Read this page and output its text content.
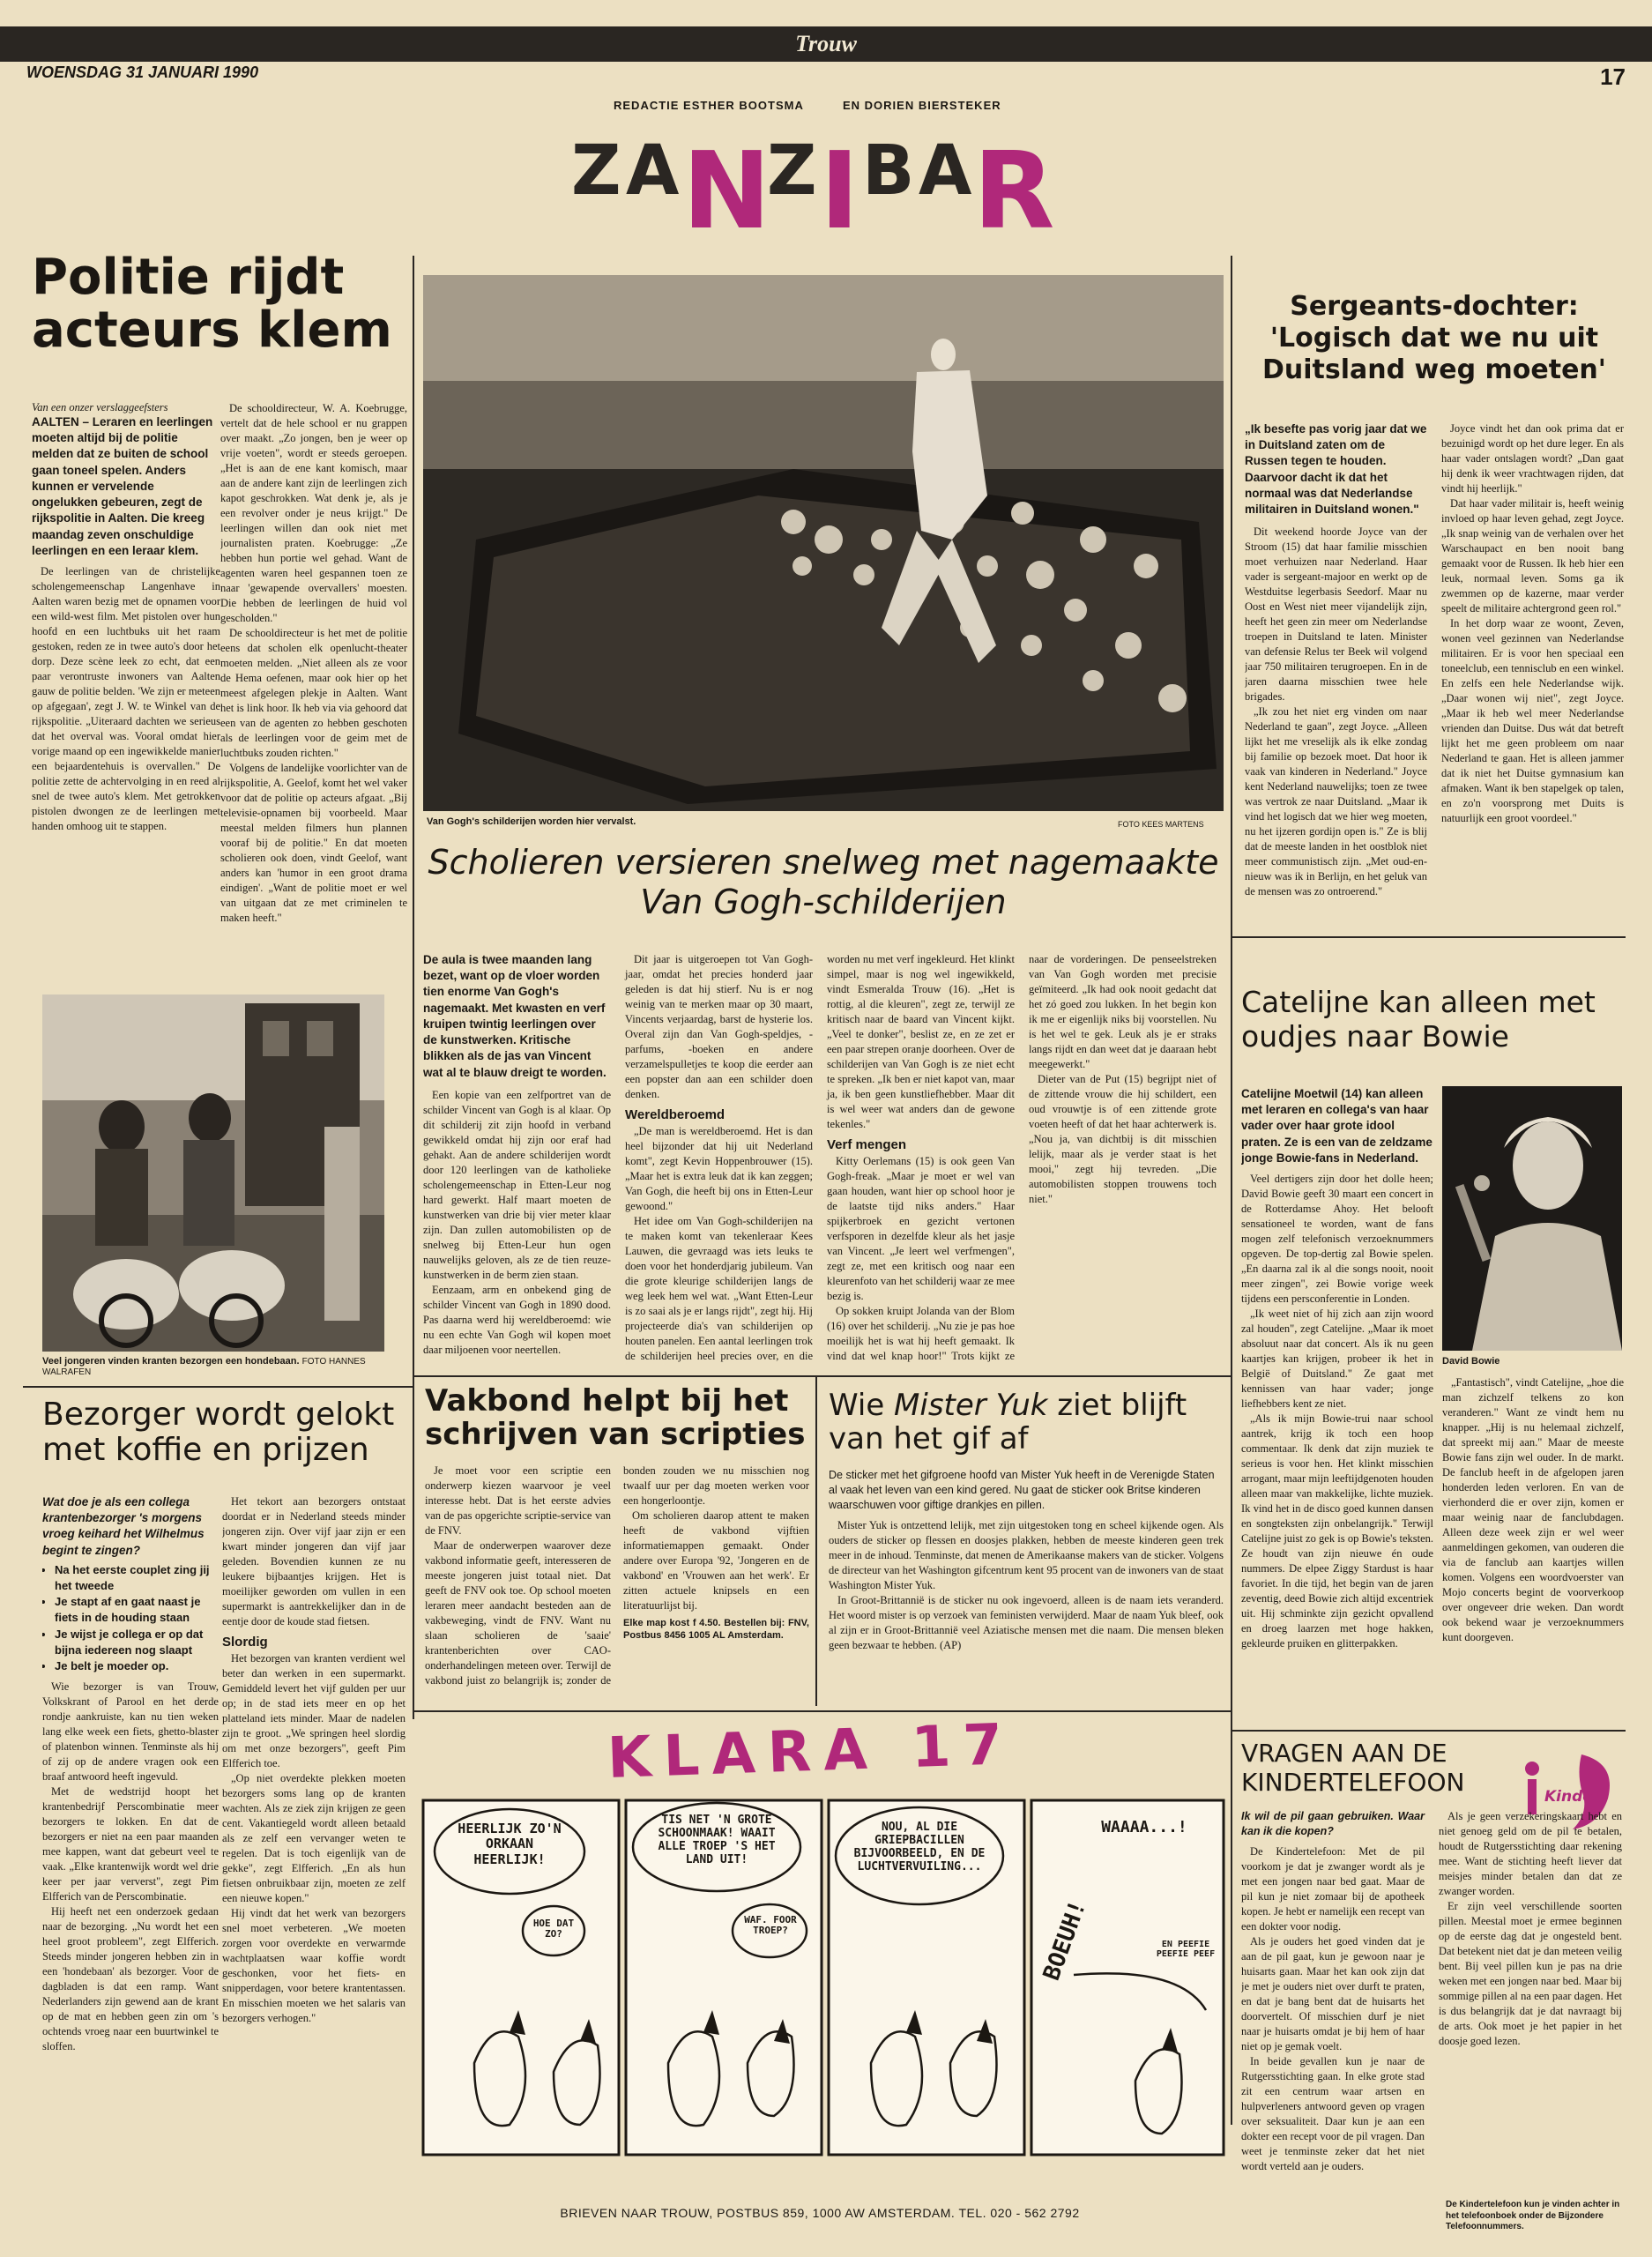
Trouw
WOENSDAG 31 JANUARI 1990	17
REDACTIE ESTHER BOOTSMA	EN DORIEN BIERSTEKER
Z A N
Z I B A R
Politie rijdt acteurs klem
Van een onzer verslaggeefsters
AALTEN – Leraren en leerlingen moeten altijd bij de politie melden dat ze buiten de school gaan toneel spelen. Anders kunnen er vervelende ongelukken gebeuren, zegt de rijkspolitie in Aalten. Die kreeg maandag zeven onschuldige leerlingen en een leraar klem.

De leerlingen van de christelijke scholengemeenschap Langenhave in Aalten waren bezig met de opnamen voor een wild-west film. Met pistolen over hun hoofd en een luchtbuks uit het raam gestoken, reden ze in twee auto's door het dorp. Deze scène leek zo echt, dat een paar verontruste inwoners van Aalten gauw de politie belden. 'We zijn er meteen op afgegaan', zegt J. W. te Winkel van de rijkspolitie. „Uiteraard dachten we serieus dat het overval was. Vooral omdat hier vorige maand op een ingewikkelde manier een bejaardentehuis is overvallen." De politie zette de achtervolging in en reed al snel de twee auto's klem. Met getrokken pistolen dwongen ze de leerlingen met handen omhoog uit te stappen.

De schooldirecteur, W. A. Koebrugge, vertelt dat de hele school er nu grappen over maakt. „Zo jongen, ben je weer op vrije voeten", wordt er steeds geroepen. „Het is aan de ene kant komisch, maar aan de andere kant zijn de leerlingen zich kapot geschrokken. Wat denk je, als je een revolver onder je neus krijgt." De leerlingen willen dan ook niet met journalisten praten. Koebrugge: „Ze hebben hun portie wel gehad. Want de agenten waren heel gespannen toen ze naar 'gewapende overvallers' moesten. Die hebben de leerlingen de huid vol gescholden."

De schooldirecteur is het met de politie eens dat scholen elk openlucht-theater moeten melden. „Niet alleen als ze voor de Hema oefenen, maar ook hier op het meest afgelegen plekje in Aalten. Want het is link hoor. Ik heb via via gehoord dat een van de agenten zo hebben geschoten als de leerlingen voor de geim met de luchtbuks zouden richten."

Volgens de landelijke voorlichter van de rijkspolitie, A. Geelof, komt het wel vaker voor dat de politie op acteurs afgaat. „Bij televisie-opnamen bij voorbeeld. Maar meestal melden filmers hun plannen vooraf bij de politie." En dat moeten scholieren ook doen, vindt Geelof, want anders kan 'humor in een groot drama eindigen'. „Want de politie moet er wel van uitgaan dat ze met criminelen te maken heeft."

Veel jongeren vinden kranten bezorgen een hondebaan. FOTO HANNES WALRAFEN
Bezorger wordt gelokt met koffie en prijzen
Wat doe je als een collega krantenbezorger 's morgens vroeg keihard het Wilhelmus begint te zingen?
• Na het eerste couplet zing jij het tweede
• Je stapt af en gaat naast je fiets in de houding staan
• Je wijst je collega er op dat bijna iedereen nog slaapt
• Je belt je moeder op.

Wie bezorger is van Trouw, Volkskrant of Parool en het derde rondje aankruiste, kan nu tien weken lang elke week een fiets, ghetto-blaster of platenbon winnen. Tenminste als hij of zij op de andere vragen ook een braaf antwoord heeft ingevuld.

Met de wedstrijd hoopt het krantenbedrijf Perscombinatie meer bezorgers te lokken. En dat de bezorgers er niet na een paar maanden mee kappen, want dat gebeurt veel te vaak. „Elke krantenwijk wordt wel drie keer per jaar ververst", zegt Pim Elfferich van de Perscombinatie.

Hij heeft net een onderzoek gedaan naar de bezorging. „Nu wordt het een heel groot probleem", zegt Elfferich. Steeds minder jongeren hebben zin in een 'hondebaan' als bezorger. Voor de dagbladen is dat een ramp. Want Nederlanders zijn gewend aan de krant op de mat en hebben geen zin om 's ochtends vroeg naar een buurtwinkel te sloffen.

Het tekort aan bezorgers ontstaat doordat er in Nederland steeds minder jongeren zijn. Over vijf jaar zijn er een kwart minder jongeren dan vijf jaar geleden. Bovendien kunnen ze nu leukere bijbaantjes krijgen. Het is moeilijker geworden om vullen in een supermarkt is aantrekkelijker dan in de eentje door de koude stad fietsen.

Slordig

Het bezorgen van kranten verdient wel beter dan werken in een supermarkt. Gemiddeld levert het vijf gulden per uur op; in de stad iets meer en op het platteland iets minder. Maar de nadelen zijn te groot. „We springen heel slordig om met onze bezorgers", geeft Pim Elfferich toe.

„Op niet overdekte plekken moeten bezorgers soms lang op de kranten wachten. Als ze ziek zijn krijgen ze geen cent. Vakantiegeld wordt alleen betaald als ze zelf een vervanger weten te regelen. Dat is toch eigenlijk van de gekke", zegt Elfferich. „En als hun fietsen onbruikbaar zijn, moeten ze zelf een nieuwe kopen."

Hij vindt dat het werk van bezorgers snel moet verbeteren. „We moeten zorgen voor overdekte en verwarmde wachtplaatsen waar koffie wordt geschonken, voor het fiets- en snipperdagen, voor betere krantentassen. En misschien moeten we het salaris van bezorgers verhogen."

Van Gogh's schilderijen worden hier vervalst.	FOTO KEES MARTENS
Scholieren versieren snelweg met nagemaakte Van Gogh-schilderijen
De aula is twee maanden lang bezet, want op de vloer worden tien enorme Van Gogh's nagemaakt. Met kwasten en verf kruipen twintig leerlingen over de kunstwerken. Kritische blikken als de jas van Vincent wat al te blauw dreigt te worden.

Een kopie van een zelfportret van de schilder Vincent van Gogh is al klaar. Op dit schilderij zit zijn hoofd in verband gewikkeld omdat hij zijn oor eraf had gehakt. Aan de andere schilderijen wordt door 120 leerlingen van de katholieke scholengemeenschap in Etten-Leur nog hard gewerkt. Half maart moeten de kunstwerken van drie bij vier meter klaar zijn. Dan zullen automobilisten op de snelweg bij Etten-Leur hun ogen nauwelijks geloven, als ze de tien reuze-kunstwerken in de berm zien staan.

Eenzaam, arm en onbekend ging de schilder Vincent van Gogh in 1890 dood. Pas daarna werd hij wereldberoemd: wie nu een echte Van Gogh wil kopen moet daar miljoenen voor neertellen.

Dit jaar is uitgeroepen tot Van Gogh-jaar, omdat het precies honderd jaar geleden is dat hij stierf. Nu is er nog weinig van te merken maar op 30 maart, Vincents verjaardag, barst de hysterie los. Overal zijn dan Van Gogh-speldjes, -parfums, -boeken en andere verzamelspulletjes te koop die eerder aan een popster dan aan een schilder doen denken.

Wereldberoemd

„De man is wereldberoemd. Het is dan heel bijzonder dat hij uit Nederland komt", zegt Kevin Hoppenbrouwer (15). „Maar het is extra leuk dat ik kan zeggen; Van Gogh, die heeft bij ons in Etten-Leur gewoond."

Het idee om Van Gogh-schilderijen na te maken komt van tekenleraar Kees Lauwen, die gevraagd was iets leuks te doen voor het honderdjarig jubileum. Van die grote kleurige schilderijen langs de weg leek hem wel wat. „Want Etten-Leur is zo saai als je er langs rijdt", zegt hij. Hij projecteerde dia's van schilderijen op houten panelen. Een aantal leerlingen trok de schilderijen heel precies over, en die worden nu met verf ingekleurd. Het klinkt simpel, maar is nog wel ingewikkeld, vindt Esmeralda Trouw (16). „Het is rottig, al die kleuren", zegt ze, terwijl ze kritisch naar de baard van Vincent kijkt. „Veel te donker", beslist ze, en ze zet er een paar strepen oranje doorheen. Over de schilderijen van Van Gogh is ze niet echt te spreken. „Ik ben er niet kapot van, maar ja, ik ben geen kunstliefhebber. Maar dit is wel weer wat anders dan de gewone tekenles."

Verf mengen

Kitty Oerlemans (15) is ook geen Van Gogh-freak. „Maar je moet er wel van gaan houden, want hier op school hoor je de laatste tijd niks anders." Haar spijkerbroek en gezicht vertonen verfsporen in dezelfde kleur als het jasje van Vincent. „Je leert wel verfmengen", zegt ze, met een kritisch oog naar een kleurenfoto van het schilderij waar ze mee bezig is.

Op sokken kruipt Jolanda van der Blom (16) over het schilderij. „Nu zie je pas hoe moeilijk het is wat hij heeft gemaakt. Ik vind dat wel knap hoor!" Trots kijkt ze naar de vorderingen. De penseelstreken van Van Gogh worden met precisie geïmiteerd. „Ik had ook nooit gedacht dat het zó goed zou lukken. In het begin kon ik me er eigenlijk niks bij voorstellen. Nu is het wel te gek. Leuk als je er straks langs rijdt en dan weet dat je daaraan hebt meegewerkt."

Dieter van de Put (15) begrijpt niet of de zittende vrouw die hij schildert, een oud vrouwtje is of een zittende grote voeten heeft of dat het haar achterwerk is. „Nou ja, van dichtbij is dit misschien lelijk, maar als je verder staat is het mooi," zegt hij tevreden. „Die automobilisten stoppen trouwens toch niet."

Vakbond helpt bij het schrijven van scripties

Je moet voor een scriptie een onderwerp kiezen waarvoor je veel interesse hebt. Dat is het eerste advies van de pas opgerichte scriptie-service van de FNV.

Maar de onderwerpen waarover deze vakbond informatie geeft, interesseren de meeste jongeren juist totaal niet. Dat geeft de FNV ook toe. Op school moeten leraren meer aandacht besteden aan de vakbeweging, vindt de FNV. Want nu slaan scholieren de 'saaie' krantenberichten over CAO-onderhandelingen meteen over. Terwijl de vakbond juist zo belangrijk is; zonder de bonden zouden we nu misschien nog twaalf uur per dag moeten werken voor een hongerloontje.

Om scholieren daarop attent te maken heeft de vakbond vijftien informatiemappen gemaakt. Onder andere over Europa '92, 'Jongeren en de vakbond' en 'Vrouwen aan het werk'. Er zitten actuele knipsels en een literatuurlijst bij.

Elke map kost f 4.50. Bestellen bij: FNV, Postbus 8456 1005 AL Amsterdam.
Wie Mister Yuk ziet blijft van het gif af
De sticker met het gifgroene hoofd van Mister Yuk heeft in de Verenigde Staten al vaak het leven van een kind gered. Nu gaat de sticker ook Britse kinderen waarschuwen voor giftige drankjes en pillen.

Mister Yuk is ontzettend lelijk, met zijn uitgestoken tong en scheel kijkende ogen. Als ouders de sticker op flessen en doosjes plakken, hebben de meeste kinderen geen trek meer in de inhoud. Tenminste, dat menen de Amerikaanse makers van de sticker. Volgens de directeur van het Washington gifcentrum kent 95 procent van de inwoners van de staat Washington Mister Yuk.

In Groot-Brittannië is de sticker nu ook ingevoerd, alleen is de naam iets veranderd. Het woord mister is op verzoek van feministen verwijderd. Maar de naam Yuk bleef, ook al zijn er in Groot-Brittannië veel Aziatische mensen met die naam. Die mensen bleken geen bezwaar te hebben. (AP)

KLARA 17
HEERLIJK ZO'N ORKAAN HEERLIJK!
HOE DAT ZO?
TIS NET 'N GROTE SCHOONMAAK! WAAIT ALLE TROEP 'S HET LAND UIT!
WAF. FOOR TROEP?
NOU, AL DIE GRIEPBACILLEN BIJVOORBEELD, EN DE LUCHTVERVUILING...
WAAAA...!
EN PEEFIE PEEFIE PEEF
BOEUH!
Sergeants-dochter: 'Logisch dat we nu uit Duitsland weg moeten'
„Ik besefte pas vorig jaar dat we in Duitsland zaten om de Russen tegen te houden. Daarvoor dacht ik dat het normaal was dat Nederlandse militairen in Duitsland wonen."

Dit weekend hoorde Joyce van der Stroom (15) dat haar familie misschien moet verhuizen naar Nederland. Haar vader is sergeant-majoor en werkt op de Westduitse legerbasis Seedorf. Maar nu Oost en West niet meer vijandelijk zijn, heeft het geen zin meer om Nederlandse troepen in Duitsland te laten. Minister van defensie Relus ter Beek wil volgend jaar 750 militairen terugroepen. En in de jaren daarna misschien twee hele brigades.

„Ik zou het niet erg vinden om naar Nederland te gaan", zegt Joyce. „Alleen lijkt het me vreselijk als ik elke zondag bij familie op bezoek moet. Dat hoor ik vaak van kinderen in Nederland." Joyce kent Nederland nauwelijks; toen ze twee was vertrok ze naar Duitsland. „Maar ik vind het logisch dat we hier weg moeten, nu het ijzeren gordijn open is." Ze is blij dat de meeste landen in het oostblok niet meer communistisch zijn. „Met oud-en-nieuw was ik in Berlijn, en het geluk van de mensen was zo ontroerend."

Joyce vindt het dan ook prima dat er bezuinigd wordt op het dure leger. En als haar vader ontslagen wordt? „Dan gaat hij denk ik weer vrachtwagen rijden, dat vindt hij heerlijk."

Dat haar vader militair is, heeft weinig invloed op haar leven gehad, zegt Joyce. „Ik snap weinig van de verhalen over het Warschaupact en ben nooit bang gemaakt voor de Russen. Ik heb hier een leuk, normaal leven. Soms ga ik zwemmen op de kazerne, maar verder speelt de militaire achtergrond geen rol."

In het dorp waar ze woont, Zeven, wonen veel gezinnen van Nederlandse militairen. Er is voor hen speciaal een toneelclub, een tennisclub en een winkel. En zelfs een hele Nederlandse wijk. „Daar wonen wij niet", zegt Joyce. „Maar ik heb wel meer Nederlandse vrienden dan Duitse. Dus wát dat betreft lijkt het me geen probleem om naar Nederland te gaan. Het is alleen jammer dat ik niet het Duitse gymnasium kan afmaken. Want ik ben stapelgek op talen, en zo'n voorsprong met Duits is natuurlijk een groot voordeel."

Catelijne kan alleen met oudjes naar Bowie
David Bowie
Catelijne Moetwil (14) kan alleen met leraren en collega's van haar vader over haar grote idool praten. Ze is een van de zeldzame jonge Bowie-fans in Nederland.

Veel dertigers zijn door het dolle heen; David Bowie geeft 30 maart een concert in de Rotterdamse Ahoy. Het belooft sensationeel te worden, want de fans mogen zelf telefonisch verzoeknummers opgeven. De top-dertig zal Bowie spelen. „En daarna zal ik al die songs nooit, nooit meer zingen", zei Bowie vorige week tijdens een persconferentie in Londen.

„Ik weet niet of hij zich aan zijn woord zal houden", zegt Catelijne. „Maar ik moet absoluut naar dat concert. Als ik nu geen kaartjes kan krijgen, probeer ik het in België of Duitsland." Ze gaat met kennissen van haar vader; jonge liefhebbers kent ze niet.

„Als ik mijn Bowie-trui naar school aantrek, krijg ik toch een hoop commentaar. Ik denk dat zijn muziek te serieus is voor hen. Het klinkt misschien arrogant, maar mijn leeftijdgenoten houden alleen maar van makkelijke, lichte muziek. Ik vind het in de disco goed kunnen dansen en songteksten zijn onbelangrijk." Terwijl Catelijne juist zo gek is op Bowie's teksten. Ze houdt van zijn nieuwe én oude nummers. De elpee Ziggy Stardust is haar favoriet. In die tijd, het begin van de jaren zeventig, deed Bowie zich altijd excentriek uit. Hij schminkte zijn gezicht opvallend en droeg laarzen met hoge hakken, gekleurde pruiken en glitterpakken.

„Fantastisch", vindt Catelijne, „hoe die man zichzelf telkens zo kon veranderen." Want ze vindt hem nu knapper. „Hij is nu helemaal zichzelf, dat spreekt mij aan." Maar de meeste Bowie fans zijn wel ouder. In de markt. De fanclub heeft in de afgelopen jaren honderden leden verloren. En van de vierhonderd die er over zijn, komen er maar weinig naar de fanclubdagen. Alleen deze week zijn er wel weer aanmeldingen gekomen, van ouderen die via de fanclub aan kaartjes willen komen. Volgens een woordvoerster van Mojo concerts begint de voorverkoop over ongeveer drie weken. Dan wordt ook bekend waar je verzoeknummers kunt doorgeven.

VRAGEN AAN DE KINDERTELEFOON	Kinder
Ik wil de pil gaan gebruiken. Waar kan ik die kopen?

De Kindertelefoon: Met de pil voorkom je dat je zwanger wordt als je met een jongen naar bed gaat. Maar de pil kun je niet zomaar bij de apotheek kopen. Je hebt er namelijk een recept van een dokter voor nodig.

Als je ouders het goed vinden dat je aan de pil gaat, kun je gewoon naar je huisarts gaan. Maar het kan ook zijn dat je met je ouders niet over durft te praten, en dat je bang bent dat de huisarts het doorvertelt. Of misschien durf je niet naar je huisarts omdat je bij hem of haar niet op je gemak voelt.

In beide gevallen kun je naar de Rutgersstichting gaan. In elke grote stad zit een centrum waar artsen en hulpverleners antwoord geven op vragen over seksualiteit. Daar kun je aan een dokter een recept voor de pil vragen. Dan weet je tenminste zeker dat het niet wordt verteld aan je ouders.

Als je geen verzekeringskaart hebt en niet genoeg geld om de pil te betalen, houdt de Rutgersstichting daar rekening mee. Want de stichting heeft liever dat meisjes minder betalen dan dat ze zwanger worden.

Er zijn veel verschillende soorten pillen. Meestal moet je ermee beginnen op de eerste dag dat je ongesteld bent. Dat betekent niet dat je dan meteen veilig bent. Bij veel pillen kun je pas na drie weken met een jongen naar bed. Maar bij sommige pillen al na een paar dagen. Het is dus belangrijk dat je dat navraagt bij de arts. Ook moet je het papier in het doosje goed lezen.

De Kindertelefoon kun je vinden achter in het telefoonboek onder de Bijzondere Telefoonnummers.
BRIEVEN NAAR TROUW, POSTBUS 859, 1000 AW AMSTERDAM. TEL. 020 - 562 2792
